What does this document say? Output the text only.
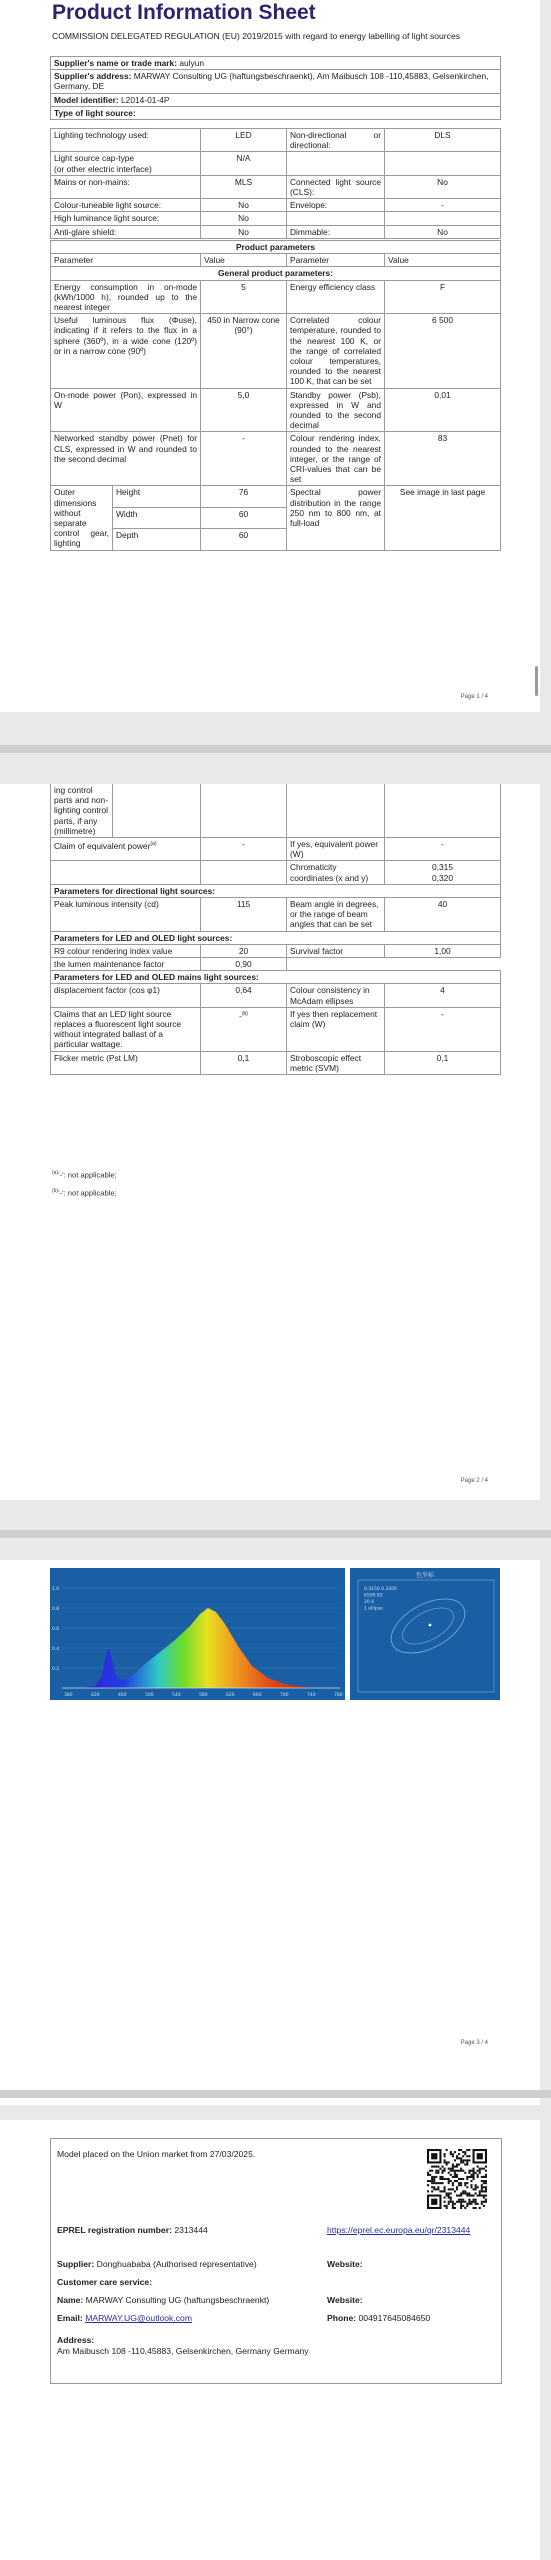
Product Information Sheet
COMMISSION DELEGATED REGULATION (EU) 2019/2015 with regard to energy labelling of light sources
Supplier's name or trade mark: aulyun
Supplier's address: MARWAY Consulting UG (haftungsbeschraenkt), Am Maibusch 108 -110,45883, Gelsenkirchen, Germany, DE
Model identifier: L2014-01-4P
Type of light source:
Lighting technology used:	LED	Non-directional or directional:	DLS
Light source cap-type
(or other electric interface)	N/A		
Mains or non-mains:	MLS	Connected light source (CLS):	No
Colour-tuneable light source:	No	Envelope:	-
High luminance light source:	No		
Anti-glare shield:	No	Dimmable:	No
Product parameters				
Parameter		Value	Parameter	Value
General product parameters:				
Energy consumption in on-mode (kWh/1000 h), rounded up to the nearest integer		5	Energy efficiency class	F
Useful luminous flux (Φuse), indicating if it refers to the flux in a sphere (360º), in a wide cone (120º) or in a narrow cone (90º)		450 in Narrow cone (90°)	Correlated colour temperature, rounded to the nearest 100 K, or the range of correlated colour temperatures, rounded to the nearest 100 K, that can be set	6 500
On-mode power (Pon), expressed in W		5,0	Standby power (Psb), expressed in W and rounded to the second decimal	0,01
Networked standby power (Pnet) for CLS, expressed in W and rounded to the second decimal		-	Colour rendering index, rounded to the nearest integer, or the range of CRI-values that can be set	83
Outer dimensions without separate control gear, lighting	Height	76	Spectral power distribution in the range 250 nm to 800 nm, at full-load	See image in last page
	Width	60		
	Depth	60		
Page 1 / 4
ing control parts and non-lighting control parts, if any (millimetre)				
Claim of equivalent power$^{(a)}$		-	If yes, equivalent power (W)	-
			Chromaticity coordinates (x and y)	0,315
0,320
Parameters for directional light sources:				
Peak luminous intensity (cd)		115	Beam angle in degrees, or the range of beam angles that can be set	40
Parameters for LED and OLED light sources:				
R9 colour rendering index value		20	Survival factor	1,00
the lumen maintenance factor		0,90		
Parameters for LED and OLED mains light sources:				
displacement factor (cos φ1)		0,64	Colour consistency in McAdam ellipses	4
Claims that an LED light source replaces a fluorescent light source without integrated ballast of a particular wattage.		-$^{(b)}$	If yes then replacement claim (W)	-
Flicker metric (Pst LM)		0,1	Stroboscopic effect metric (SVM)	0,1
$^{(a)}$'-': not applicable;
$^{(b)}$'-': not applicable;
Page 2 / 4
Page 3 / 4
380	420	460	500	540	580	620	660	700	740	780
1.0
0.8
0.6
0.4
0.2
色坐标
0.3150 0.3200
6500 83
20 4
1 ellipse
Model placed on the Union market from 27/03/2025.
EPREL registration number: 2313444	https://eprel.ec.europa.eu/qr/2313444
Supplier: Donghuababa (Authorised representative)	Website:
Customer care service:
Name: MARWAY Consulting UG (haftungsbeschraenkt)	Website:
Email: MARWAY.UG@outlook.com	Phone: 004917645084650
Address:
Am Maibusch 108 -110,45883, Gelsenkirchen, Germany Germany
